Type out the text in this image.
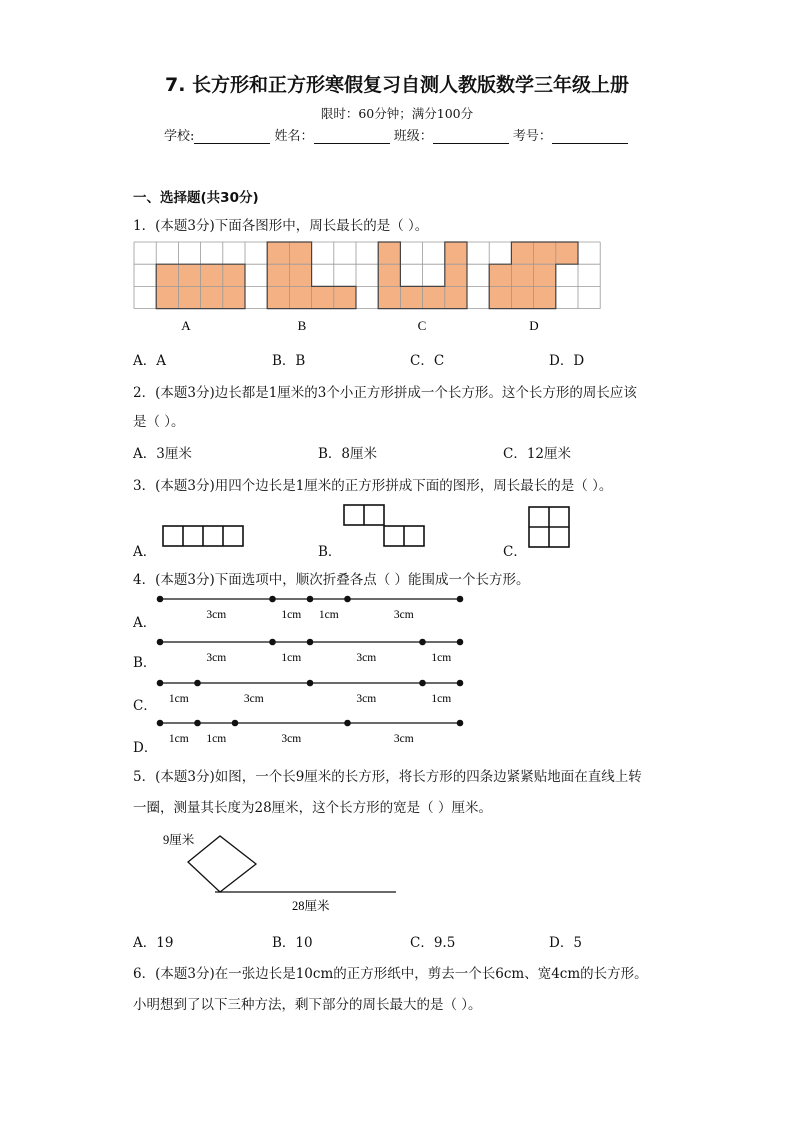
7. 长方形和正方形寒假复习自测人教版数学三年级上册
限时：60分钟；满分100分
学校:	姓名：	班级：	考号：
一、选择题(共30分)
1．(本题3分)下面各图形中，周长最长的是（ ）。
A	B	C	D
A．A	B．B	C．C	D．D
2．(本题3分)边长都是1厘米的3个小正方形拼成一个长方形。这个长方形的周长应该
是（ ）。
A．3厘米	B．8厘米	C．12厘米
3．(本题3分)用四个边长是1厘米的正方形拼成下面的图形，周长最长的是（ ）。
A．	B．	C．
4．(本题3分)下面选项中，顺次折叠各点（ ）能围成一个长方形。
A．
B．
C．
D．
3cm	1cm 1cm	3cm
3cm	1cm	3cm	1cm
1cm	3cm	3cm	1cm
1cm 1cm	3cm	3cm
5．(本题3分)如图，一个长9厘米的长方形，将长方形的四条边紧紧贴地面在直线上转
一圈，测量其长度为28厘米，这个长方形的宽是（ ）厘米。
9厘米
28厘米
A．19	B．10	C．9.5	D．5
6．(本题3分)在一张边长是10cm的正方形纸中，剪去一个长6cm、宽4cm的长方形。
小明想到了以下三种方法，剩下部分的周长最大的是（ ）。
